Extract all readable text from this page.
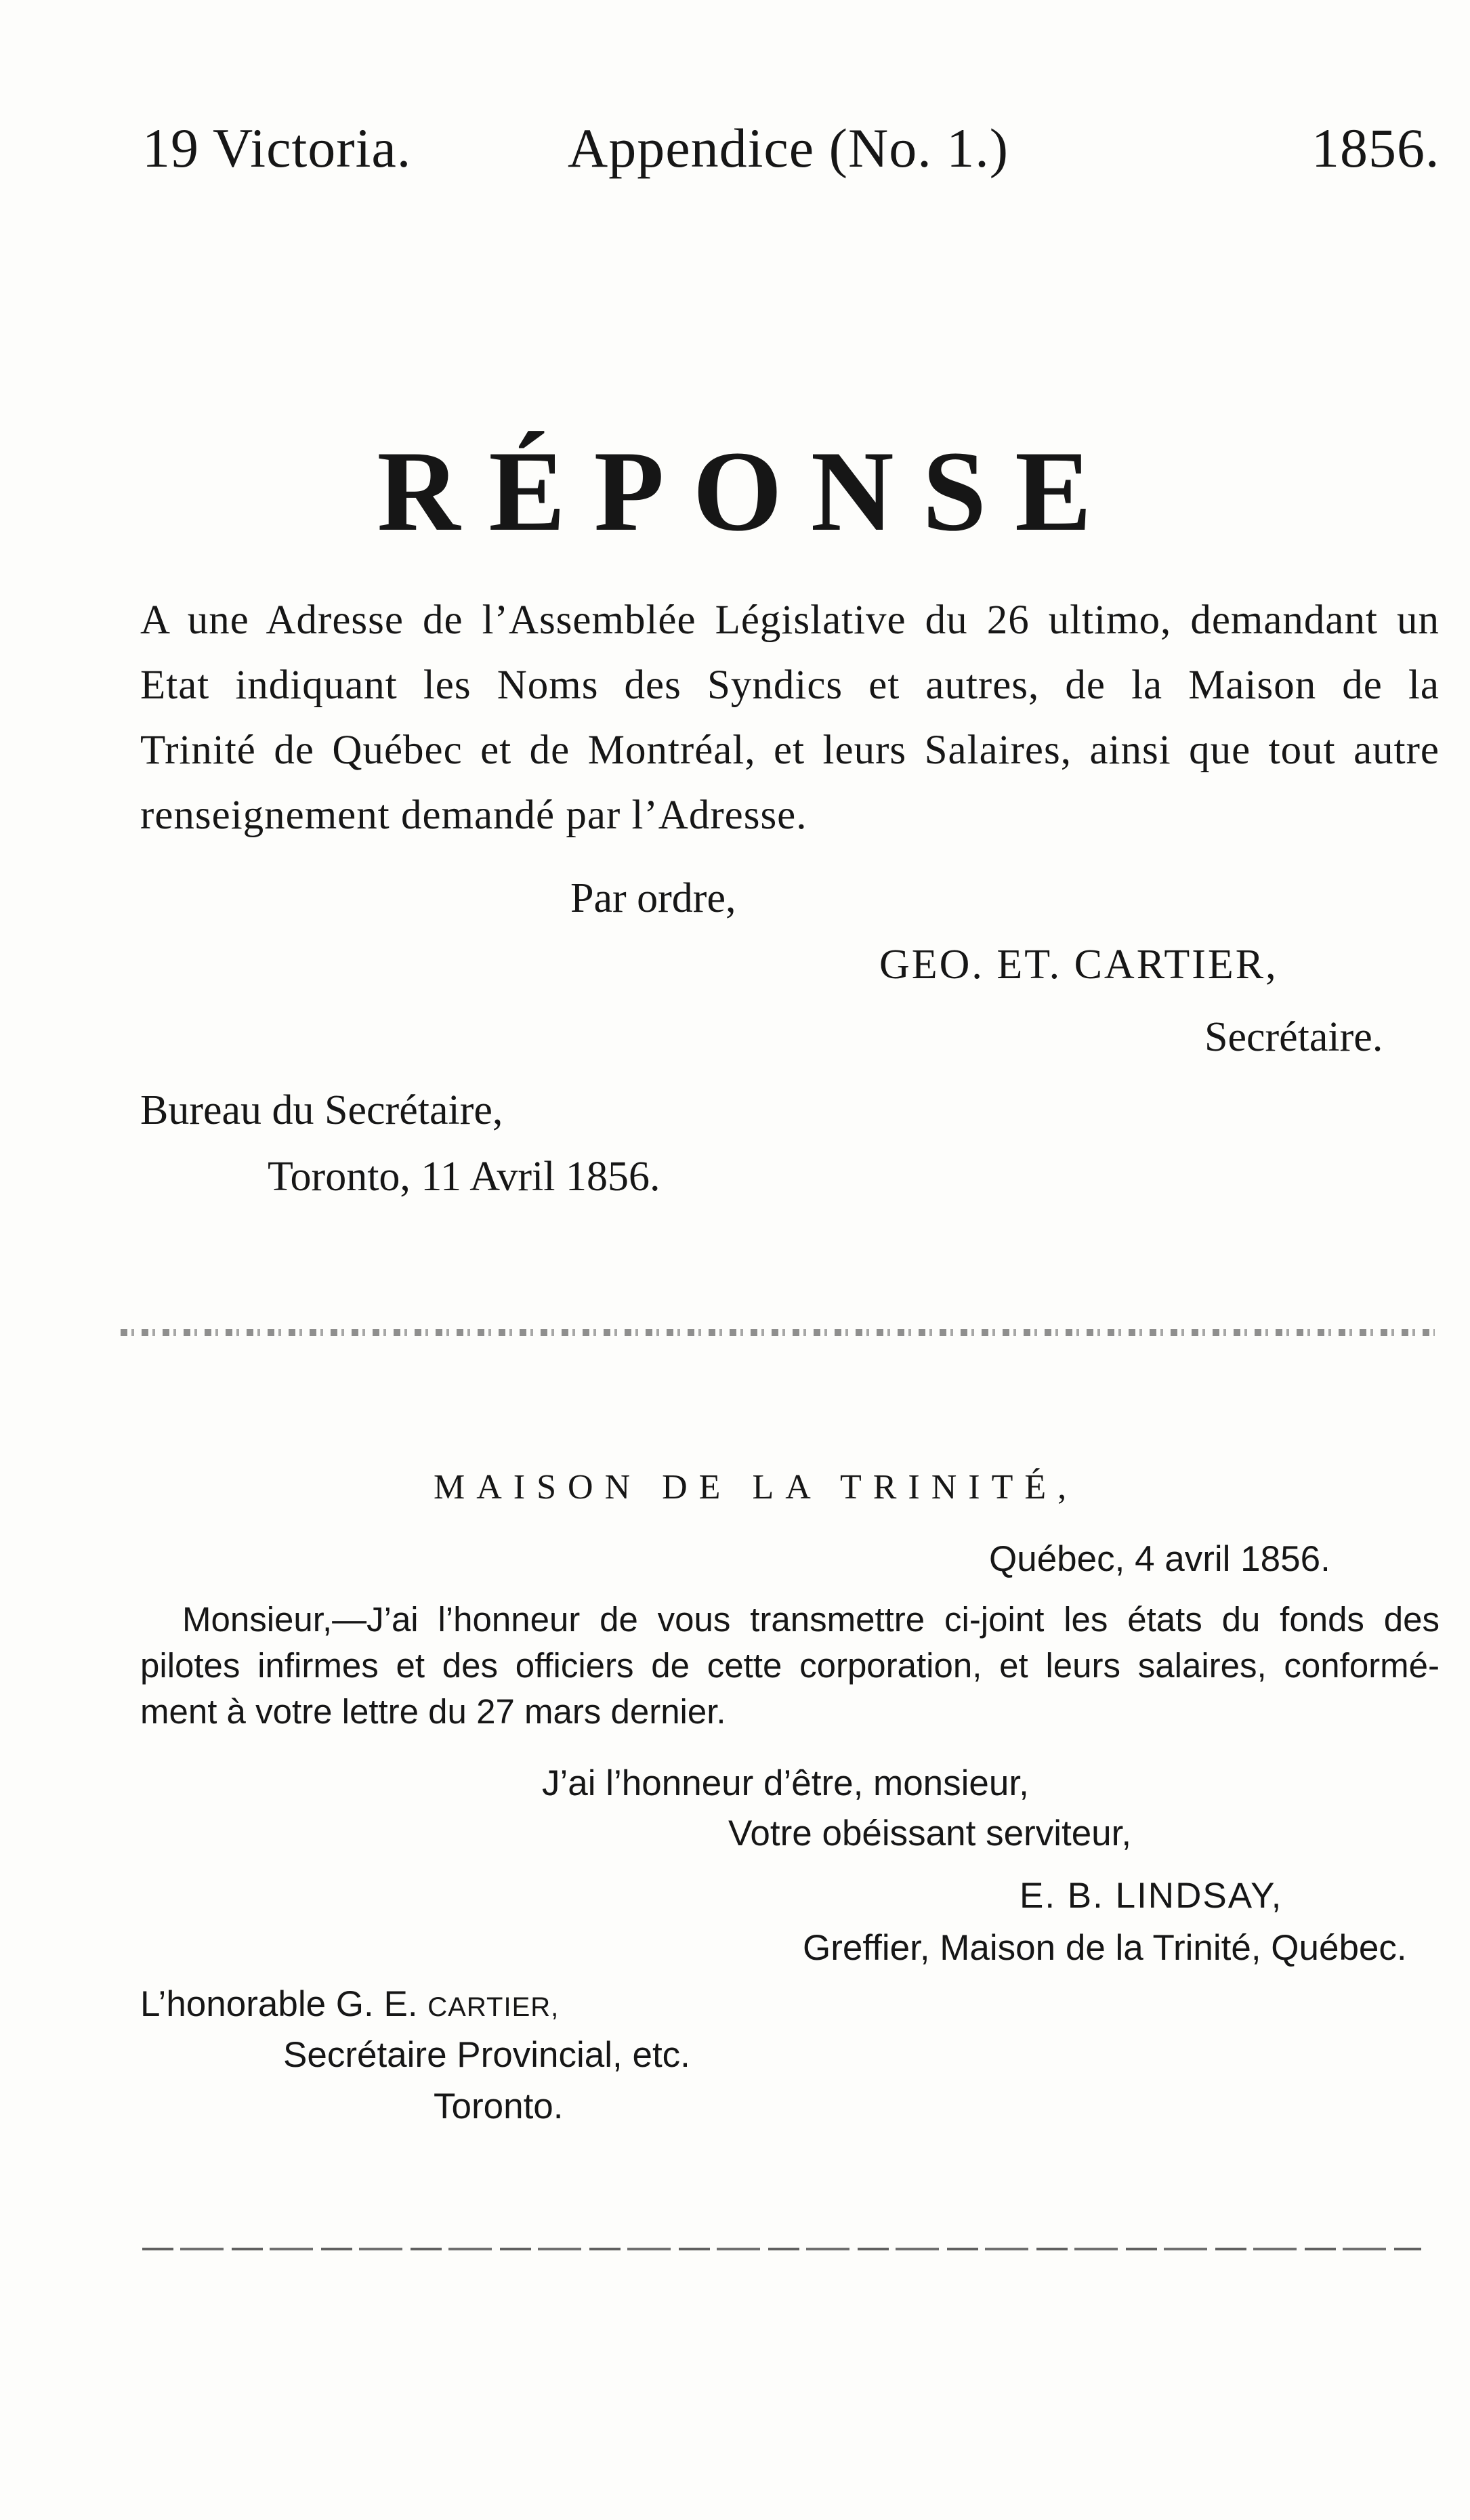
19 Victoria.	Appendice (No. 1.)	1856.
RÉPONSE
A une Adresse de l’Assemblée Législative du 26 ultimo, demandant un
Etat indiquant les Noms des Syndics et autres, de la Maison de la
Trinité de Québec et de Montréal, et leurs Salaires, ainsi que tout autre
renseignement demandé par l’Adresse.
Par ordre,
GEO. ET. CARTIER,
Secrétaire.
Bureau du Secrétaire,
Toronto, 11 Avril 1856.
MAISON DE LA TRINITÉ,
Québec, 4 avril 1856.
Monsieur,—J’ai l’honneur de vous transmettre ci-joint les états du fonds des
pilotes infirmes et des officiers de cette corporation, et leurs salaires, conformé-
ment à votre lettre du 27 mars dernier.
J’ai l’honneur d’être, monsieur,
Votre obéissant serviteur,
E. B. LINDSAY,
Greffier, Maison de la Trinité, Québec.
L’honorable G. E. CARTIER,
Secrétaire Provincial, etc.
Toronto.
